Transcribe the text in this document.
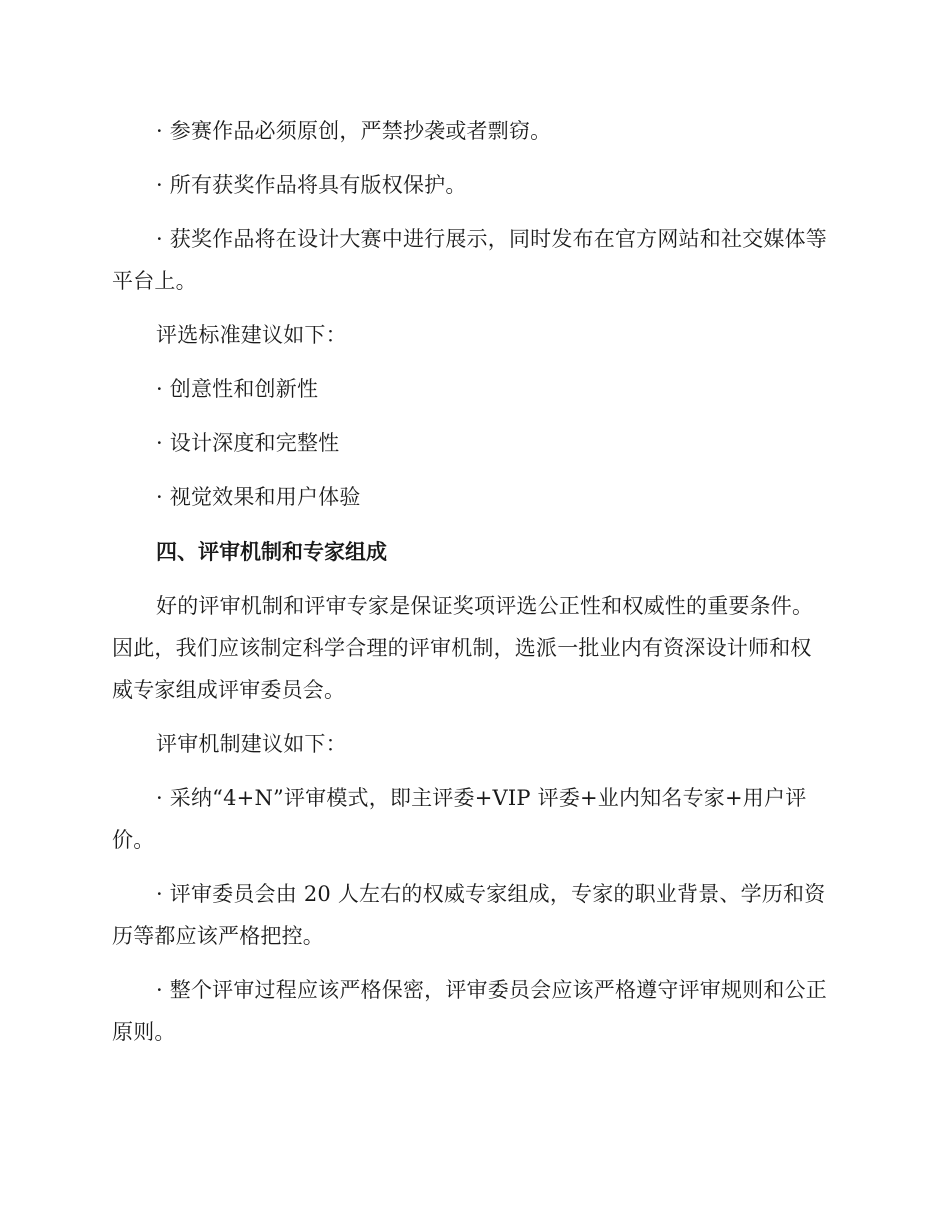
· 参赛作品必须原创，严禁抄袭或者剽窃。

· 所有获奖作品将具有版权保护。

· 获奖作品将在设计大赛中进行展示，同时发布在官方网站和社交媒体等平台上。

评选标准建议如下：

· 创意性和创新性

· 设计深度和完整性

· 视觉效果和用户体验

四、评审机制和专家组成

好的评审机制和评审专家是保证奖项评选公正性和权威性的重要条件。因此，我们应该制定科学合理的评审机制，选派一批业内有资深设计师和权威专家组成评审委员会。

评审机制建议如下：

· 采纳“4+N”评审模式，即主评委+VIP 评委+业内知名专家+用户评价。

· 评审委员会由 20 人左右的权威专家组成，专家的职业背景、学历和资历等都应该严格把控。

· 整个评审过程应该严格保密，评审委员会应该严格遵守评审规则和公正原则。
